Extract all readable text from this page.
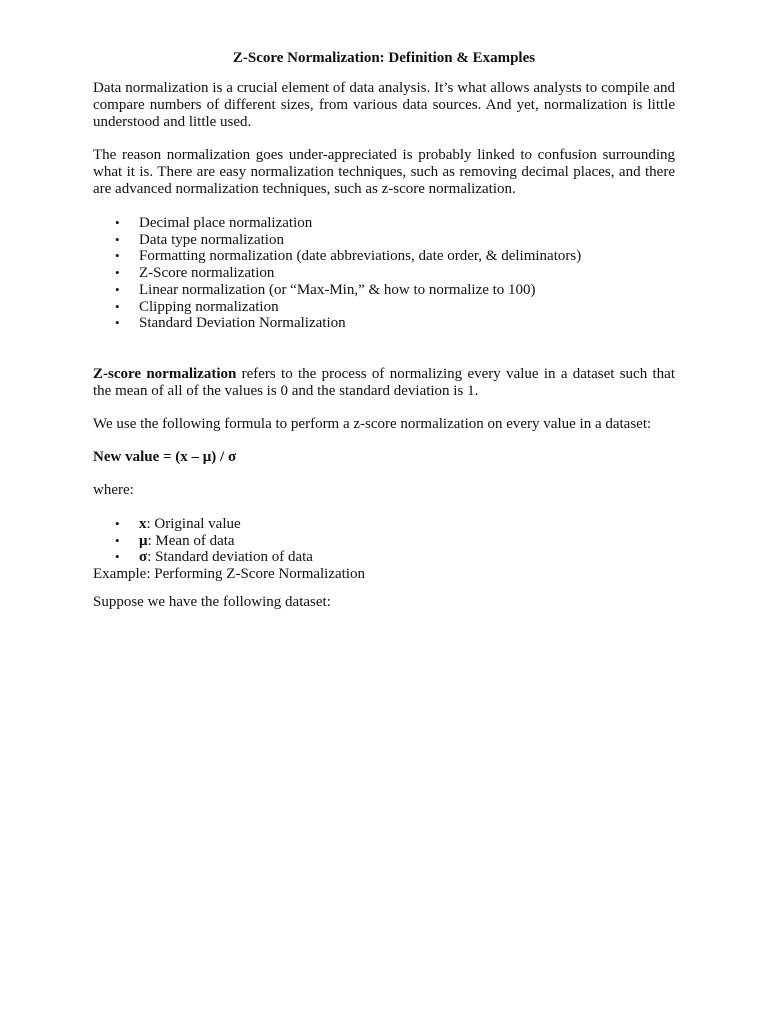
Z-Score Normalization: Definition & Examples

Data normalization is a crucial element of data analysis. It’s what allows analysts to compile and compare numbers of different sizes, from various data sources. And yet, normalization is little understood and little used.

The reason normalization goes under-appreciated is probably linked to confusion surrounding what it is. There are easy normalization techniques, such as removing decimal places, and there are advanced normalization techniques, such as z-score normalization.

• Decimal place normalization
• Data type normalization
• Formatting normalization (date abbreviations, date order, & deliminators)
• Z-Score normalization
• Linear normalization (or “Max-Min,” & how to normalize to 100)
• Clipping normalization
• Standard Deviation Normalization

Z-score normalization refers to the process of normalizing every value in a dataset such that the mean of all of the values is 0 and the standard deviation is 1.

We use the following formula to perform a z-score normalization on every value in a dataset:

New value = (x – μ) / σ

where:

• x: Original value
• μ: Mean of data
• σ: Standard deviation of data

Example: Performing Z-Score Normalization

Suppose we have the following dataset:
